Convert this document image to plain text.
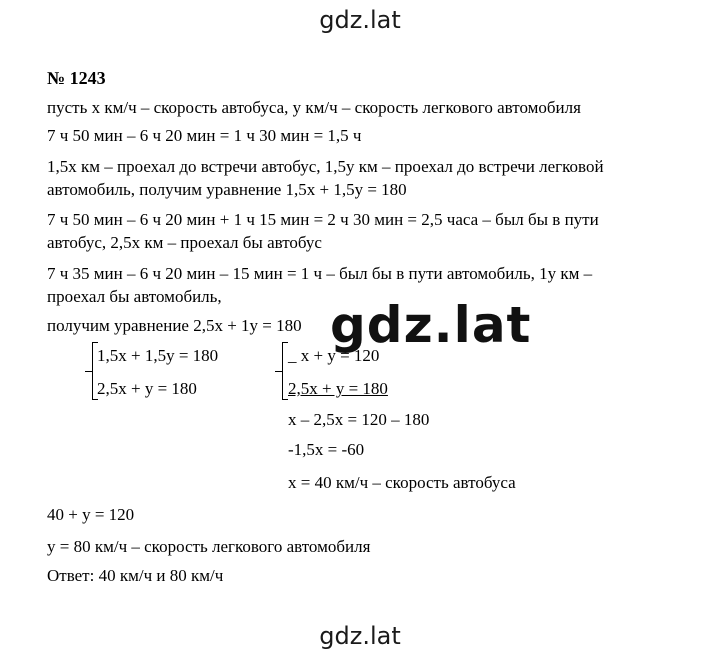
gdz.lat
№ 1243
пусть х км/ч – скорость автобуса, у км/ч – скорость легкового автомобиля
7 ч 50 мин – 6 ч 20 мин = 1 ч 30 мин = 1,5 ч
1,5х км – проехал до встречи автобус, 1,5у км – проехал до встречи легковой
автомобиль, получим уравнение 1,5х + 1,5у = 180
7 ч 50 мин – 6 ч 20 мин + 1 ч 15 мин = 2 ч 30 мин = 2,5 часа – был бы в пути
автобус, 2,5х км – проехал бы автобус
7 ч 35 мин – 6 ч 20 мин – 15 мин = 1 ч – был бы в пути автомобиль, 1у км –
проехал бы автомобиль,
получим уравнение 2,5х + 1у = 180 gdz.lat
1,5х + 1,5у = 180
2,5х + у = 180
_ х + у = 120
2,5х + у = 180
х – 2,5х = 120 – 180
-1,5х = -60
х = 40 км/ч – скорость автобуса
40 + у = 120
у = 80 км/ч – скорость легкового автомобиля
Ответ: 40 км/ч и 80 км/ч
gdz.lat
